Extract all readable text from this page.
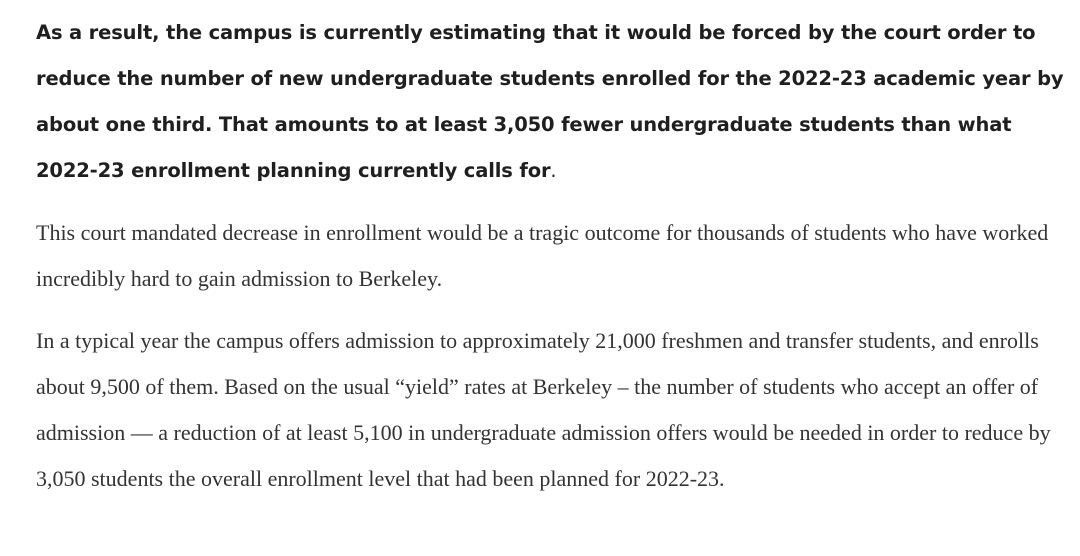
As a result, the campus is currently estimating that it would be forced by the court order to reduce the number of new undergraduate students enrolled for the 2022-23 academic year by about one third. That amounts to at least 3,050 fewer undergraduate students than what 2022-23 enrollment planning currently calls for.

This court mandated decrease in enrollment would be a tragic outcome for thousands of students who have worked incredibly hard to gain admission to Berkeley.

In a typical year the campus offers admission to approximately 21,000 freshmen and transfer students, and enrolls about 9,500 of them. Based on the usual “yield” rates at Berkeley – the number of students who accept an offer of admission — a reduction of at least 5,100 in undergraduate admission offers would be needed in order to reduce by 3,050 students the overall enrollment level that had been planned for 2022-23.
